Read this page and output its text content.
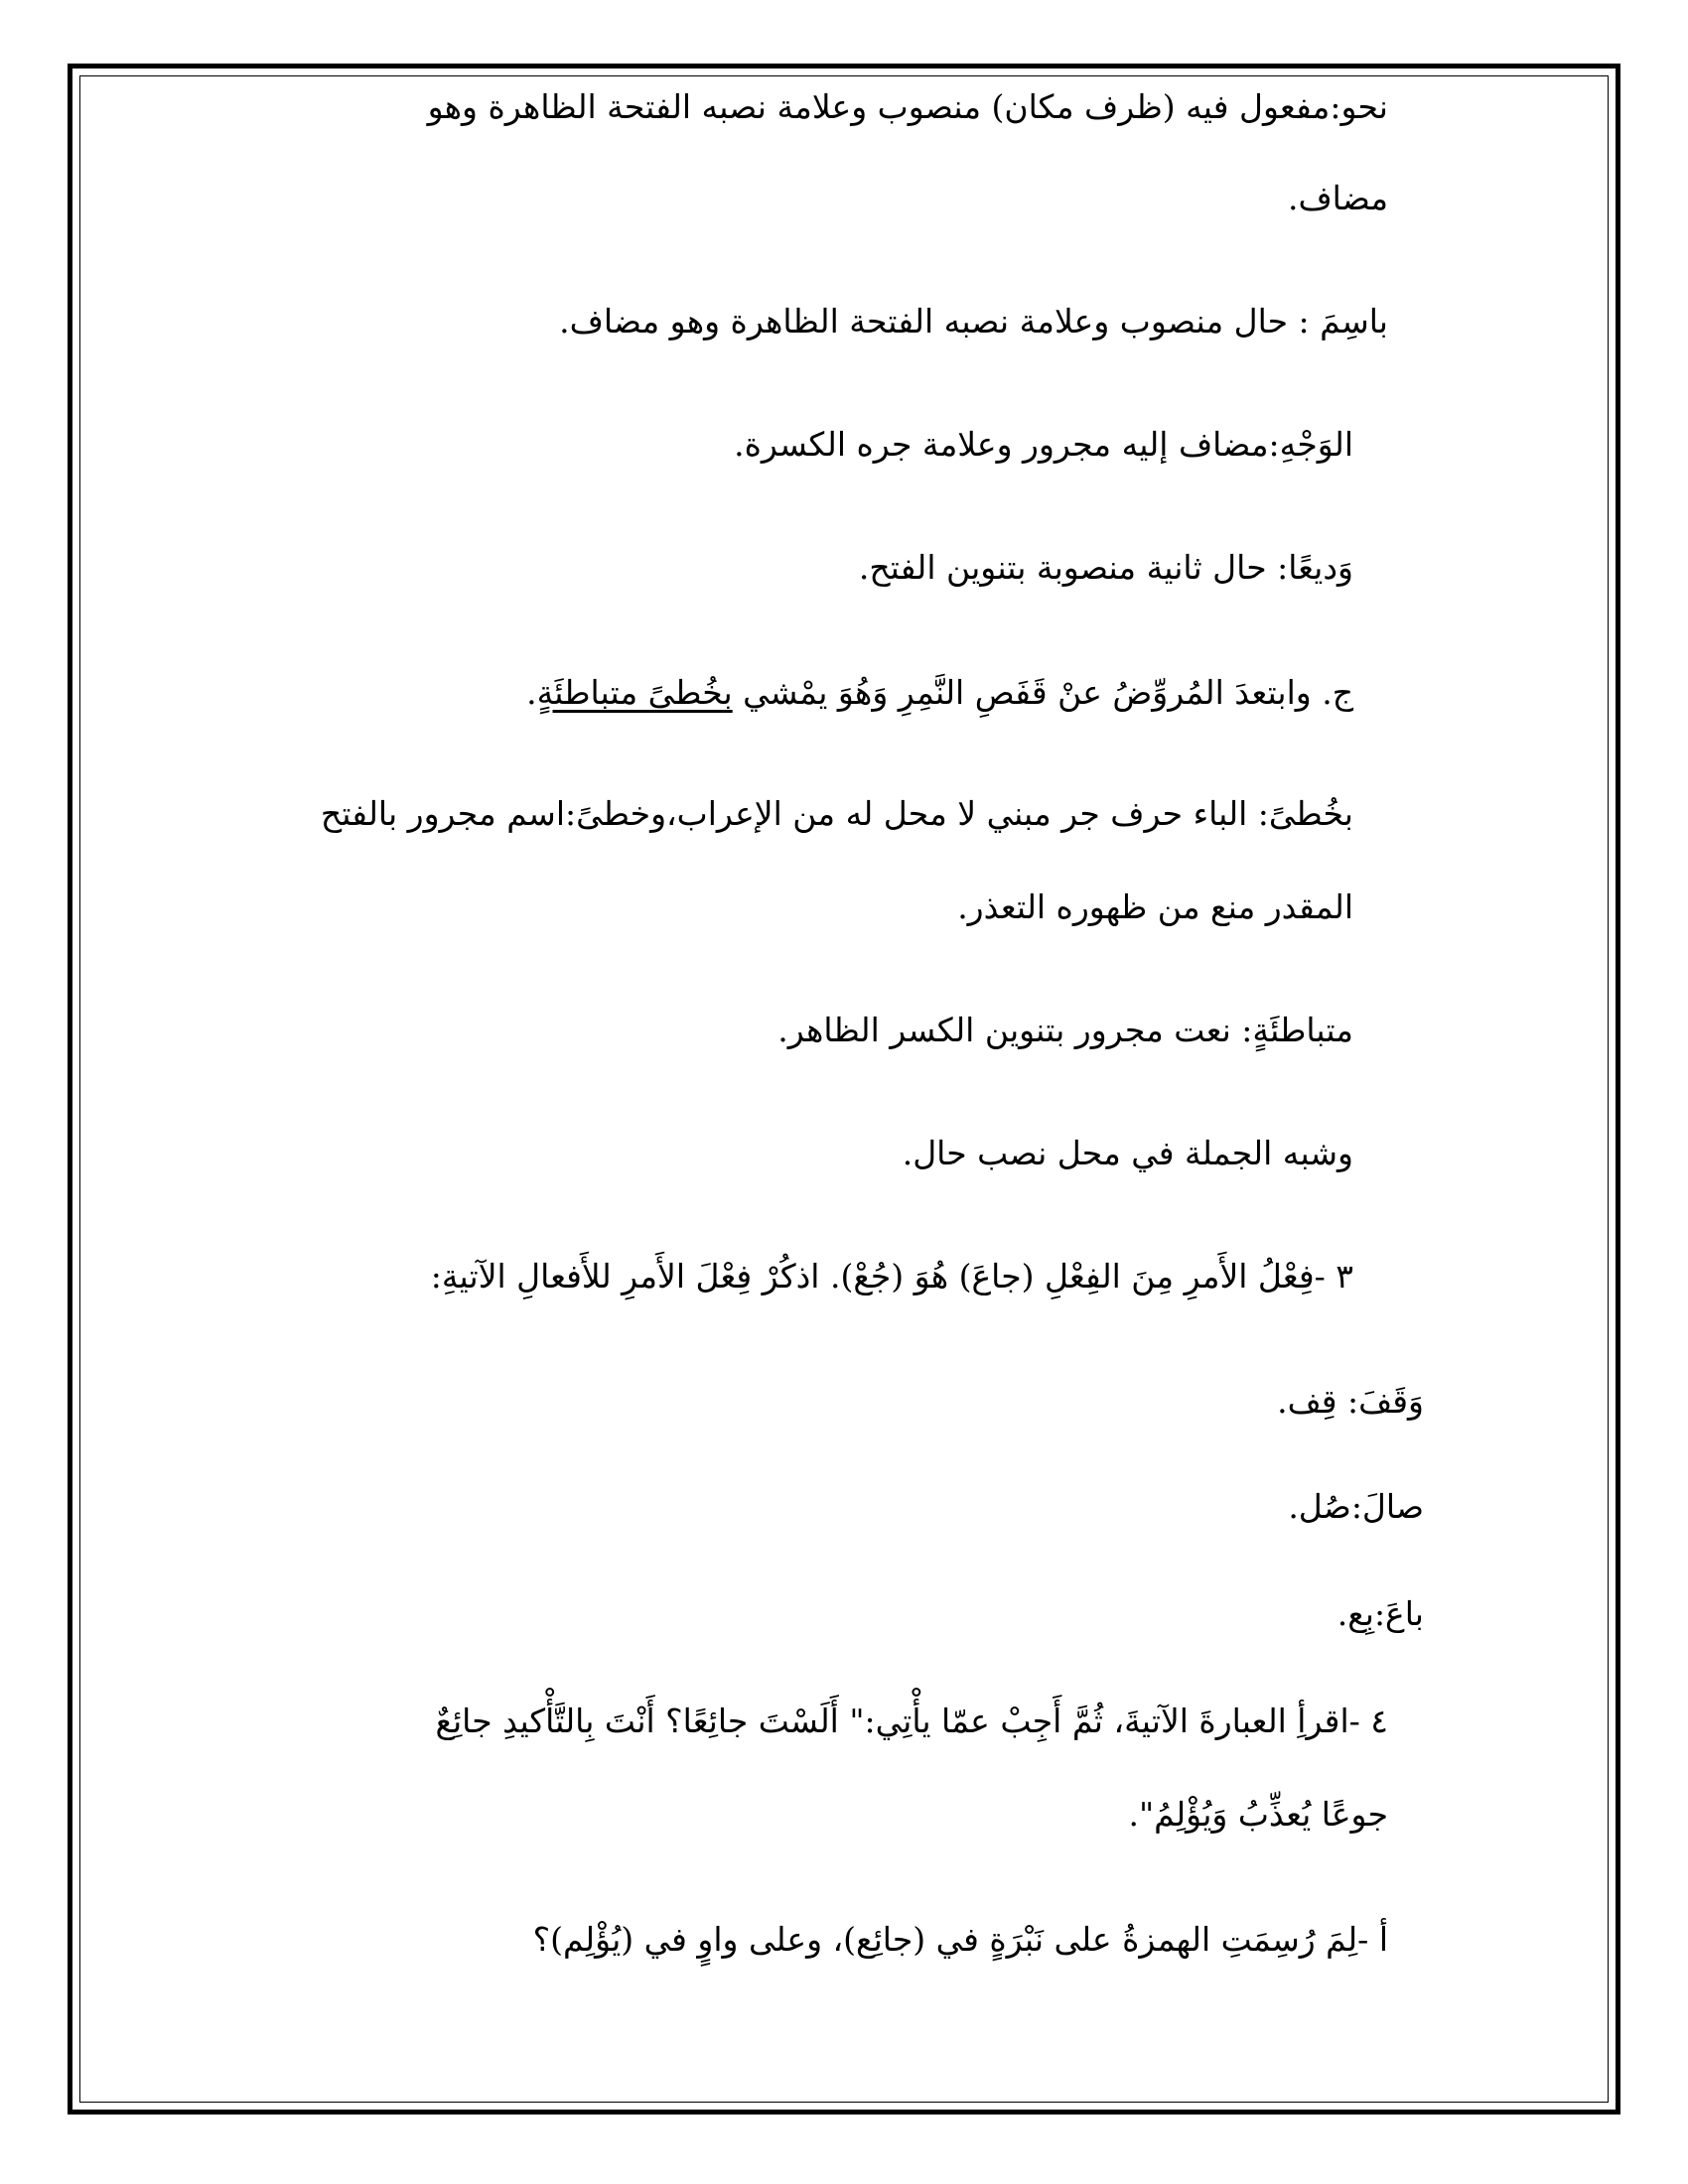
نحو:مفعول فيه (ظرف مكان) منصوب وعلامة نصبه الفتحة الظاهرة وهو
مضاف.
باسِمَ : حال منصوب وعلامة نصبه الفتحة الظاهرة وهو مضاف.
الوَجْهِ:مضاف إليه مجرور وعلامة جره الكسرة.
وَديعًا: حال ثانية منصوبة بتنوين الفتح.
ج. وابتعدَ المُروِّضُ عنْ قَفَصِ النَّمِرِ وَهُوَ يمْشي بخُطىً متباطئَةٍ.
بخُطىً: الباء حرف جر مبني لا محل له من الإعراب،وخطىً:اسم مجرور بالفتح
المقدر منع من ظهوره التعذر.
متباطئَةٍ: نعت مجرور بتنوين الكسر الظاهر.
وشبه الجملة في محل نصب حال.
٣ -فِعْلُ الأَمرِ مِنَ الفِعْلِ (جاعَ) هُوَ (جُعْ). اذكُرْ فِعْلَ الأَمرِ للأَفعالِ الآتيةِ:
وَقَفَ: قِف.
صالَ:صُل.
باعَ:بِع.
٤ -اقرأِ العبارةَ الآتيةَ، ثُمَّ أَجِبْ عمّا يأْتِي:" أَلَسْتَ جائِعًا؟ أَنْتَ بِالتَّأْكيدِ جائِعٌ
جوعًا يُعذِّبُ وَيُؤْلِمُ".
أ -لِمَ رُسِمَتِ الهمزةُ على نَبْرَةٍ في (جائِع)، وعلى واوٍ في (يُؤْلِم)؟
